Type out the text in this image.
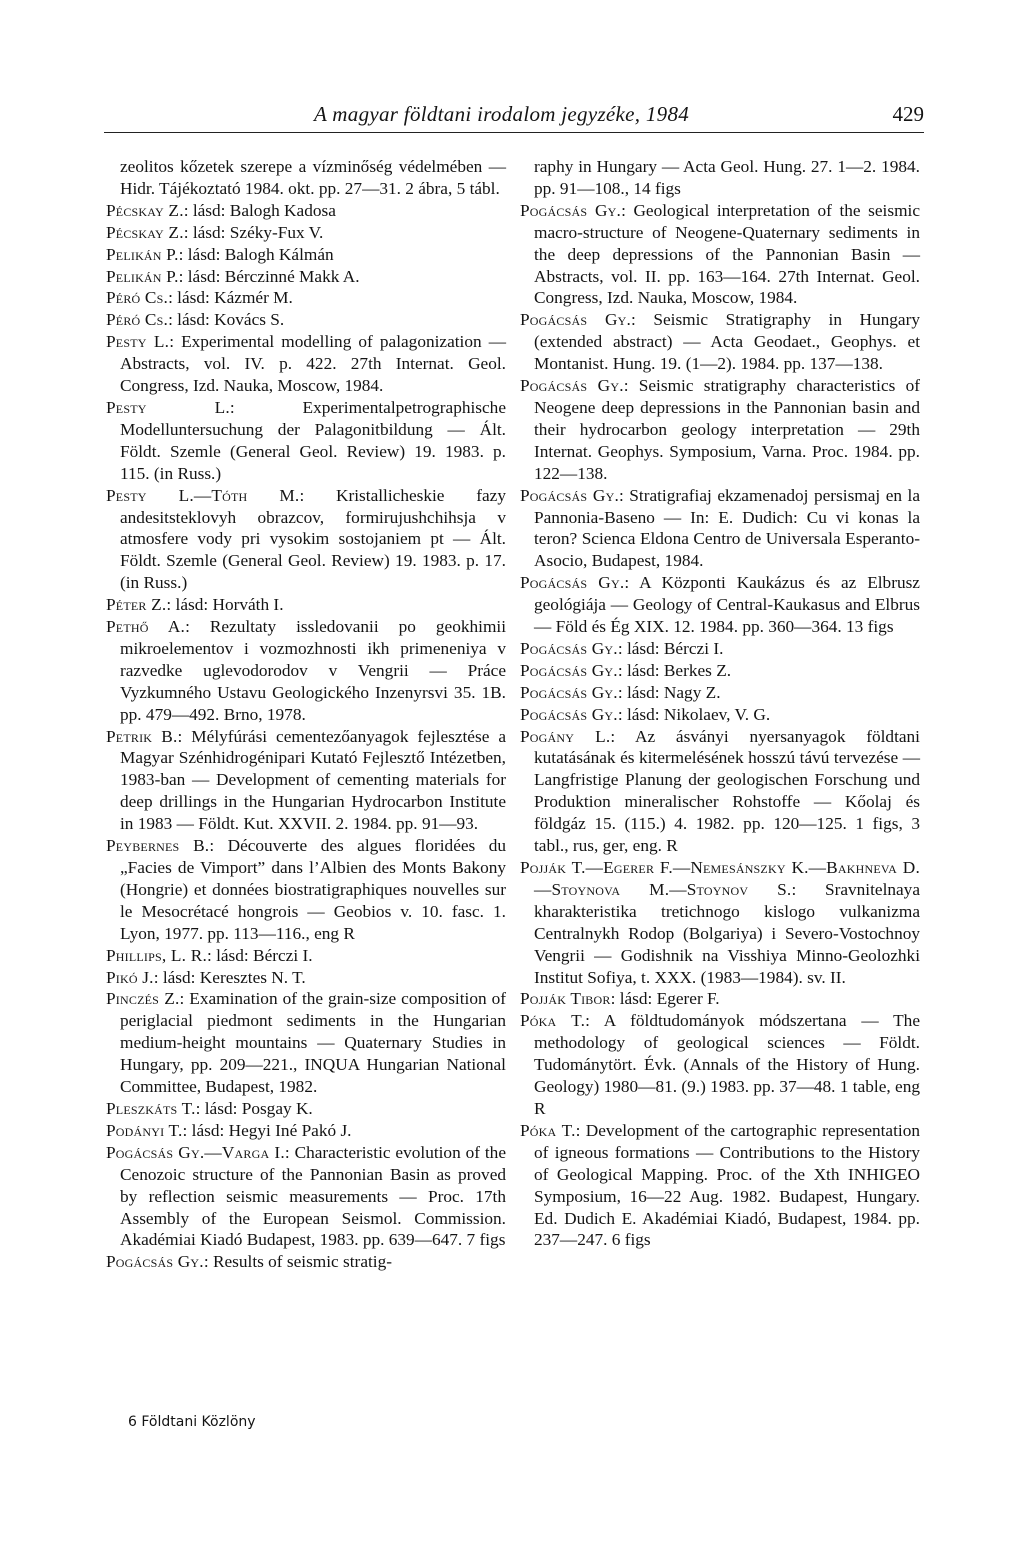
A magyar földtani irodalom jegyzéke, 1984	429

zeolitos kőzetek szerepe a vízminőség védelmében — Hidr. Tájékoztató 1984. okt. pp. 27—31. 2 ábra, 5 tábl.

Pécskay Z.: lásd: Balogh Kadosa

Pécskay Z.: lásd: Széky-Fux V.

Pelikán P.: lásd: Balogh Kálmán

Pelikán P.: lásd: Bérczinné Makk A.

Péró Cs.: lásd: Kázmér M.

Péró Cs.: lásd: Kovács S.

Pesty L.: Experimental modelling of palagonization — Abstracts, vol. IV. p. 422. 27th Internat. Geol. Congress, Izd. Nauka, Moscow, 1984.

Pesty L.: Experimentalpetrographische Modelluntersuchung der Palagonitbildung — Ált. Földt. Szemle (General Geol. Review) 19. 1983. p. 115. (in Russ.)

Pesty L.—Tóth M.: Kristallicheskie fazy andesitsteklovyh obrazcov, formirujushchihsja v atmosfere vody pri vysokim sostojaniem pt — Ált. Földt. Szemle (General Geol. Review) 19. 1983. p. 17. (in Russ.)

Péter Z.: lásd: Horváth I.

Pethő A.: Rezultaty issledovanii po geokhimii mikroelementov i vozmozhnosti ikh primeneniya v razvedke uglevodorodov v Vengrii — Práce Vyzkumného Ustavu Geologického Inzenyrsvi 35. 1B. pp. 479—492. Brno, 1978.

Petrik B.: Mélyfúrási cementezőanyagok fejlesztése a Magyar Szénhidrogénipari Kutató Fejlesztő Intézetben, 1983-ban — Development of cementing materials for deep drillings in the Hungarian Hydrocarbon Institute in 1983 — Földt. Kut. XXVII. 2. 1984. pp. 91—93.

Peybernes B.: Découverte des algues floridées du „Facies de Vimport” dans l’Albien des Monts Bakony (Hongrie) et données biostratigraphiques nouvelles sur le Mesocrétacé hongrois — Geobios v. 10. fasc. 1. Lyon, 1977. pp. 113—116., eng R

Phillips, L. R.: lásd: Bérczi I.

Pikó J.: lásd: Keresztes N. T.

Pinczés Z.: Examination of the grain-size composition of periglacial piedmont sediments in the Hungarian medium-height mountains — Quaternary Studies in Hungary, pp. 209—221., INQUA Hungarian National Committee, Budapest, 1982.

Pleszkáts T.: lásd: Posgay K.

Podányi T.: lásd: Hegyi Iné Pakó J.

Pogácsás Gy.—Varga I.: Characteristic evolution of the Cenozoic structure of the Pannonian Basin as proved by reflection seismic measurements — Proc. 17th Assembly of the European Seismol. Commission. Akadémiai Kiadó Budapest, 1983. pp. 639—647. 7 figs

Pogácsás Gy.: Results of seismic stratig-

raphy in Hungary — Acta Geol. Hung. 27. 1—2. 1984. pp. 91—108., 14 figs

Pogácsás Gy.: Geological interpretation of the seismic macro-structure of Neogene-Quaternary sediments in the deep depressions of the Pannonian Basin — Abstracts, vol. II. pp. 163—164. 27th Internat. Geol. Congress, Izd. Nauka, Moscow, 1984.

Pogácsás Gy.: Seismic Stratigraphy in Hungary (extended abstract) — Acta Geodaet., Geophys. et Montanist. Hung. 19. (1—2). 1984. pp. 137—138.

Pogácsás Gy.: Seismic stratigraphy characteristics of Neogene deep depressions in the Pannonian basin and their hydrocarbon geology interpretation — 29th Internat. Geophys. Symposium, Varna. Proc. 1984. pp. 122—138.

Pogácsás Gy.: Stratigrafiaj ekzamenadoj persismaj en la Pannonia-Baseno — In: E. Dudich: Cu vi konas la teron? Scienca Eldona Centro de Universala Esperanto-Asocio, Budapest, 1984.

Pogácsás Gy.: A Központi Kaukázus és az Elbrusz geológiája — Geology of Central-Kaukasus and Elbrus — Föld és Ég XIX. 12. 1984. pp. 360—364. 13 figs

Pogácsás Gy.: lásd: Bérczi I.

Pogácsás Gy.: lásd: Berkes Z.

Pogácsás Gy.: lásd: Nagy Z.

Pogácsás Gy.: lásd: Nikolaev, V. G.

Pogány L.: Az ásványi nyersanyagok földtani kutatásának és kitermelésének hosszú távú tervezése — Langfristige Planung der geologischen Forschung und Produktion mineralischer Rohstoffe — Kőolaj és földgáz 15. (115.) 4. 1982. pp. 120—125. 1 figs, 3 tabl., rus, ger, eng. R

Pojják T.—Egerer F.—Nemesánszky K.—Bakhneva D.—Stoynova M.—Stoynov S.: Sravnitelnaya kharakteristika tretichnogo kislogo vulkanizma Centralnykh Rodop (Bolgariya) i Severo-Vostochnoy Vengrii — Godishnik na Visshiya Minno-Geolozhki Institut Sofiya, t. XXX. (1983—1984). sv. II.

Pojják Tibor: lásd: Egerer F.

Póka T.: A földtudományok módszertana — The methodology of geological sciences — Földt. Tudománytört. Évk. (Annals of the History of Hung. Geology) 1980—81. (9.) 1983. pp. 37—48. 1 table, eng R

Póka T.: Development of the cartographic representation of igneous formations — Contributions to the History of Geological Mapping. Proc. of the Xth INHIGEO Symposium, 16—22 Aug. 1982. Budapest, Hungary. Ed. Dudich E. Akadémiai Kiadó, Budapest, 1984. pp. 237—247. 6 figs

6 Földtani Közlöny
